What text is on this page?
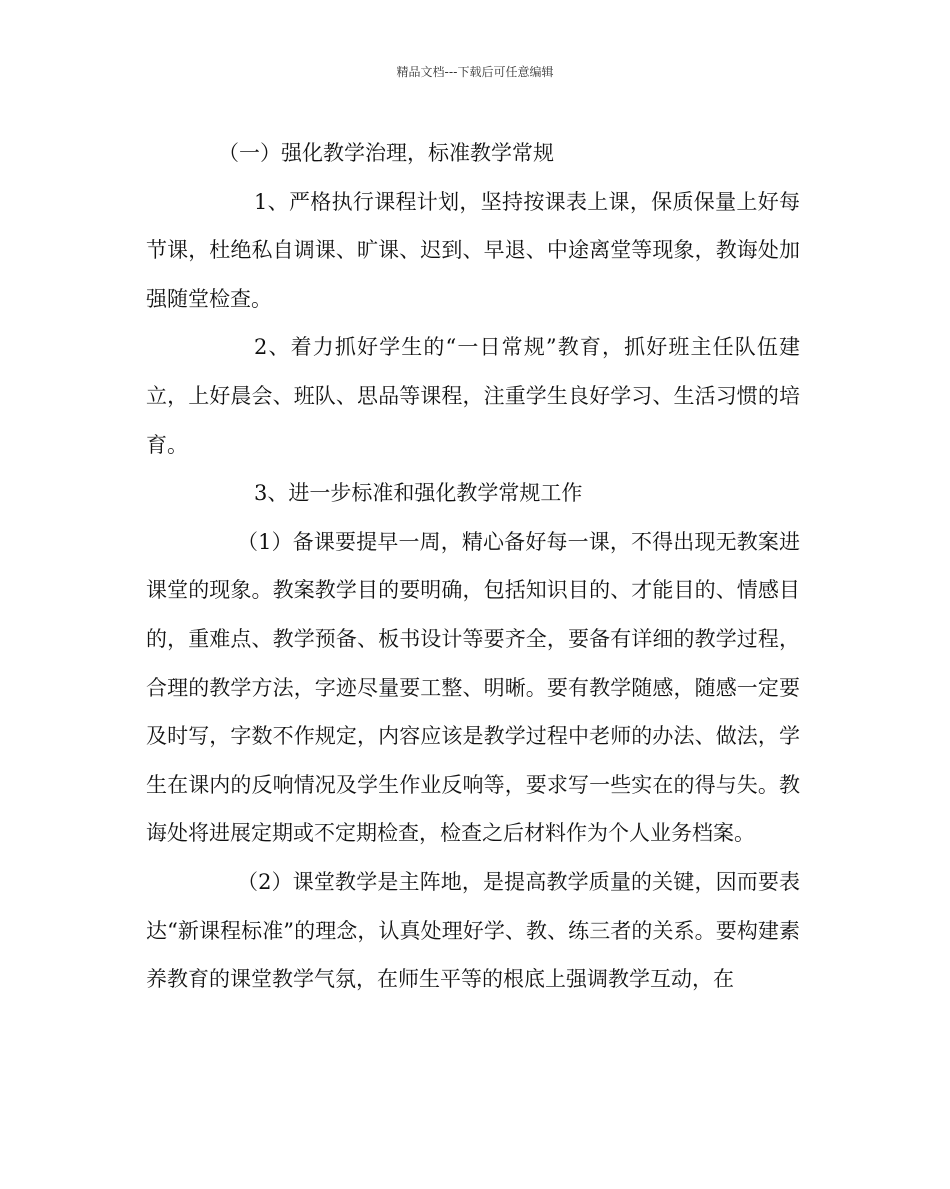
精品文档---下载后可任意编辑
（一）强化教学治理，标准教学常规
1、严格执行课程计划，坚持按课表上课，保质保量上好每节课，杜绝私自调课、旷课、迟到、早退、中途离堂等现象，教诲处加强随堂检查。
2、着力抓好学生的“一日常规”教育，抓好班主任队伍建立，上好晨会、班队、思品等课程，注重学生良好学习、生活习惯的培育。
3、进一步标准和强化教学常规工作
（1）备课要提早一周，精心备好每一课，不得出现无教案进课堂的现象。教案教学目的要明确，包括知识目的、才能目的、情感目的，重难点、教学预备、板书设计等要齐全，要备有详细的教学过程，合理的教学方法，字迹尽量要工整、明晰。要有教学随感，随感一定要及时写，字数不作规定，内容应该是教学过程中老师的办法、做法，学生在课内的反响情况及学生作业反响等，要求写一些实在的得与失。教诲处将进展定期或不定期检查，检查之后材料作为个人业务档案。
（2）课堂教学是主阵地，是提高教学质量的关键，因而要表达“新课程标准”的理念，认真处理好学、教、练三者的关系。要构建素养教育的课堂教学气氛，在师生平等的根底上强调教学互动，在
